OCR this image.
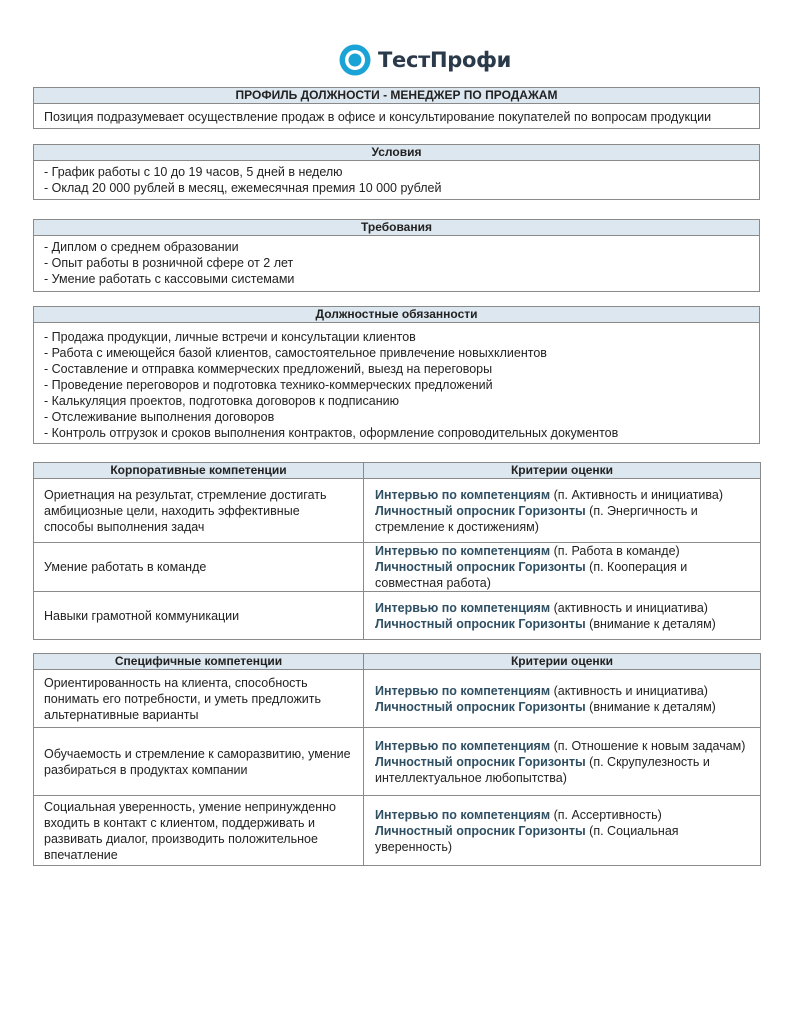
ТестПрофи
ПРОФИЛЬ ДОЛЖНОСТИ - МЕНЕДЖЕР ПО ПРОДАЖАМ
Позиция подразумевает осуществление продаж в офисе и консультирование покупателей по вопросам продукции
Условия
- График работы с 10 до 19 часов, 5 дней в неделю
- Оклад 20 000 рублей в месяц, ежемесячная премия 10 000 рублей
Требования
- Диплом о среднем образовании
- Опыт работы в розничной сфере от 2 лет
- Умение работать с кассовыми системами
Должностные обязанности
- Продажа продукции, личные встречи и консультации клиентов
- Работа с имеющейся базой клиентов, самостоятельное привлечение новыхклиентов
- Составление и отправка коммерческих предложений, выезд на переговоры
- Проведение переговоров и подготовка технико-коммерческих предложений
- Калькуляция проектов, подготовка договоров к подписанию
- Отслеживание выполнения договоров
- Контроль отгрузок и сроков выполнения контрактов, оформление сопроводительных документов
Корпоративные компетенции	Критерии оценки

Ориетнация на результат, стремление достигать
амбициозные цели, находить эффективные
способы выполнения задач	Интервью по компетенциям (п. Активность и инициатива)
Личностный опросник Горизонты (п. Энергичность и
стремление к достижениям)

Умение работать в команде	Интервью по компетенциям (п. Работа в команде)
Личностный опросник Горизонты (п. Кооперация и
совместная работа)

Навыки грамотной коммуникации	Интервью по компетенциям (активность и инициатива)
Личностный опросник Горизонты (внимание к деталям)
Специфичные компетенции	Критерии оценки

Ориентированность на клиента, способность
понимать его потребности, и уметь предложить
альтернативные варианты	Интервью по компетенциям (активность и инициатива)
Личностный опросник Горизонты (внимание к деталям)

Обучаемость и стремление к саморазвитию, умение
разбираться в продуктах компании	Интервью по компетенциям (п. Отношение к новым задачам)
Личностный опросник Горизонты (п. Скрупулезность и
интеллектуальное любопытства)

Социальная уверенность, умение непринужденно
входить в контакт с клиентом, поддерживать и
развивать диалог, производить положительное
впечатление	Интервью по компетенциям (п. Ассертивность)
Личностный опросник Горизонты (п. Социальная
уверенность)
